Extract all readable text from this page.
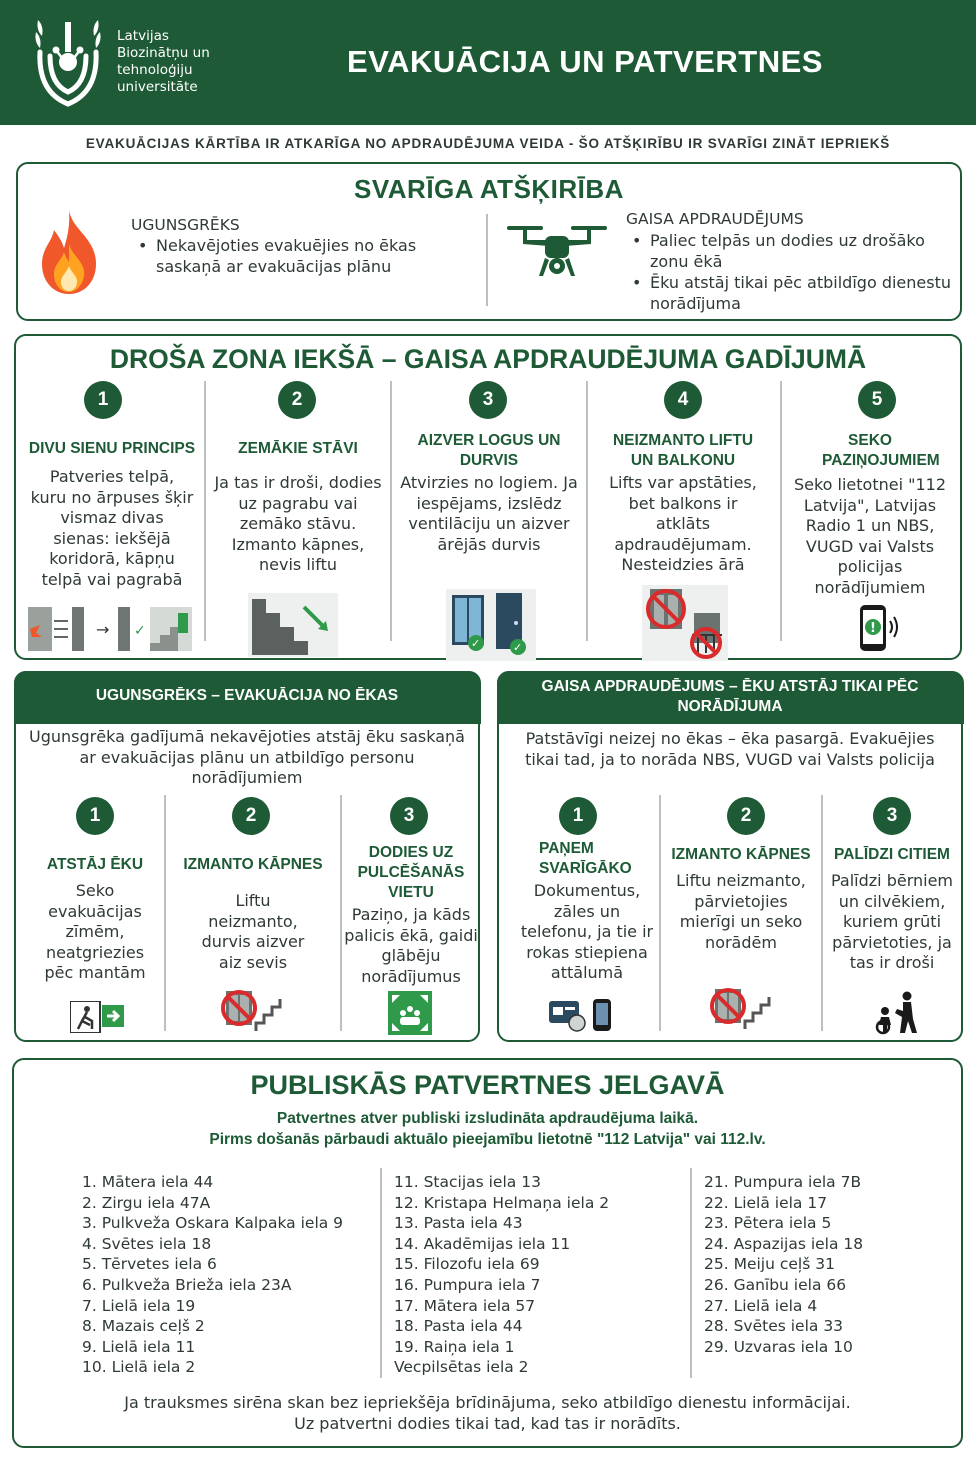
Latvijas
Biozinātņu un
tehnoloģiju
universitāte
EVAKUĀCIJA UN PATVERTNES
EVAKUĀCIJAS KĀRTĪBA IR ATKARĪGA NO APDRAUDĒJUMA VEIDA - ŠO ATŠĶIRĪBU IR SVARĪGI ZINĀT IEPRIEKŠ
SVARĪGA ATŠĶIRĪBA
UGUNSGRĒKS
• Nekavējoties evakuējies no ēkas saskaņā ar evakuācijas plānu
GAISA APDRAUDĒJUMS
• Paliec telpās un dodies uz drošāko zonu ēkā
• Ēku atstāj tikai pēc atbildīgo dienestu norādījuma
DROŠA ZONA IEKŠĀ – GAISA APDRAUDĒJUMA GADĪJUMĀ
1
DIVU SIENU PRINCIPS
Patveries telpā, kuru no ārpuses šķir vismaz divas sienas: iekšējā koridorā, kāpņu telpā vai pagrabā
→ ✓
2
ZEMĀKIE STĀVI
Ja tas ir droši, dodies uz pagrabu vai zemāko stāvu. Izmanto kāpnes, nevis liftu
3
AIZVER LOGUS UN DURVIS
Atvirzies no logiem. Ja iespējams, izslēdz ventilāciju un aizver ārējās durvis
✓	✓
4
NEIZMANTO LIFTU UN BALKONU
Lifts var apstāties, bet balkons ir atklāts apdraudējumam. Nesteidzies ārā
5
SEKO PAZIŅOJUMIEM
Seko lietotnei "112 Latvija", Latvijas Radio 1 un NBS, VUGD vai Valsts policijas norādījumiem
!
UGUNSGRĒKS – EVAKUĀCIJA NO ĒKAS
Ugunsgrēka gadījumā nekavējoties atstāj ēku saskaņā ar evakuācijas plānu un atbildīgo personu norādījumiem
1
ATSTĀJ ĒKU
Seko evakuācijas zīmēm, neatgriezies pēc mantām
2
IZMANTO KĀPNES
Liftu neizmanto, durvis aizver aiz sevis
3
DODIES UZ PULCĒŠANĀS VIETU
Paziņo, ja kāds palicis ēkā, gaidi glābēju norādījumus
GAISA APDRAUDĒJUMS – ĒKU ATSTĀJ TIKAI PĒC NORĀDĪJUMA
Patstāvīgi neizej no ēkas – ēka pasargā. Evakuējies tikai tad, ja to norāda NBS, VUGD vai Valsts policija
1
PAŅEM SVARĪGĀKO
Dokumentus, zāles un telefonu, ja tie ir rokas stiepiena attālumā
2
IZMANTO KĀPNES
Liftu neizmanto, pārvietojies mierīgi un seko norādēm
3
PALĪDZI CITIEM
Palīdzi bērniem un cilvēkiem, kuriem grūti pārvietoties, ja tas ir droši
PUBLISKĀS PATVERTNES JELGAVĀ
Patvertnes atver publiski izsludināta apdraudējuma laikā.
Pirms došanās pārbaudi aktuālo pieejamību lietotnē "112 Latvija" vai 112.lv.
1. Mātera iela 44
2. Zirgu iela 47A
3. Pulkveža Oskara Kalpaka iela 9
4. Svētes iela 18
5. Tērvetes iela 6
6. Pulkveža Brieža iela 23A
7. Lielā iela 19
8. Mazais ceļš 2
9. Lielā iela 11
10. Lielā iela 2
11. Stacijas iela 13
12. Kristapa Helmaņa iela 2
13. Pasta iela 43
14. Akadēmijas iela 11
15. Filozofu iela 69
16. Pumpura iela 7
17. Mātera iela 57
18. Pasta iela 44
19. Raiņa iela 1
Vecpilsētas iela 2
21. Pumpura iela 7B
22. Lielā iela 17
23. Pētera iela 5
24. Aspazijas iela 18
25. Meiju ceļš 31
26. Ganību iela 66
27. Lielā iela 4
28. Svētes iela 33
29. Uzvaras iela 10
Ja trauksmes sirēna skan bez iepriekšēja brīdinājuma, seko atbildīgo dienestu informācijai.
Uz patvertni dodies tikai tad, kad tas ir norādīts.
